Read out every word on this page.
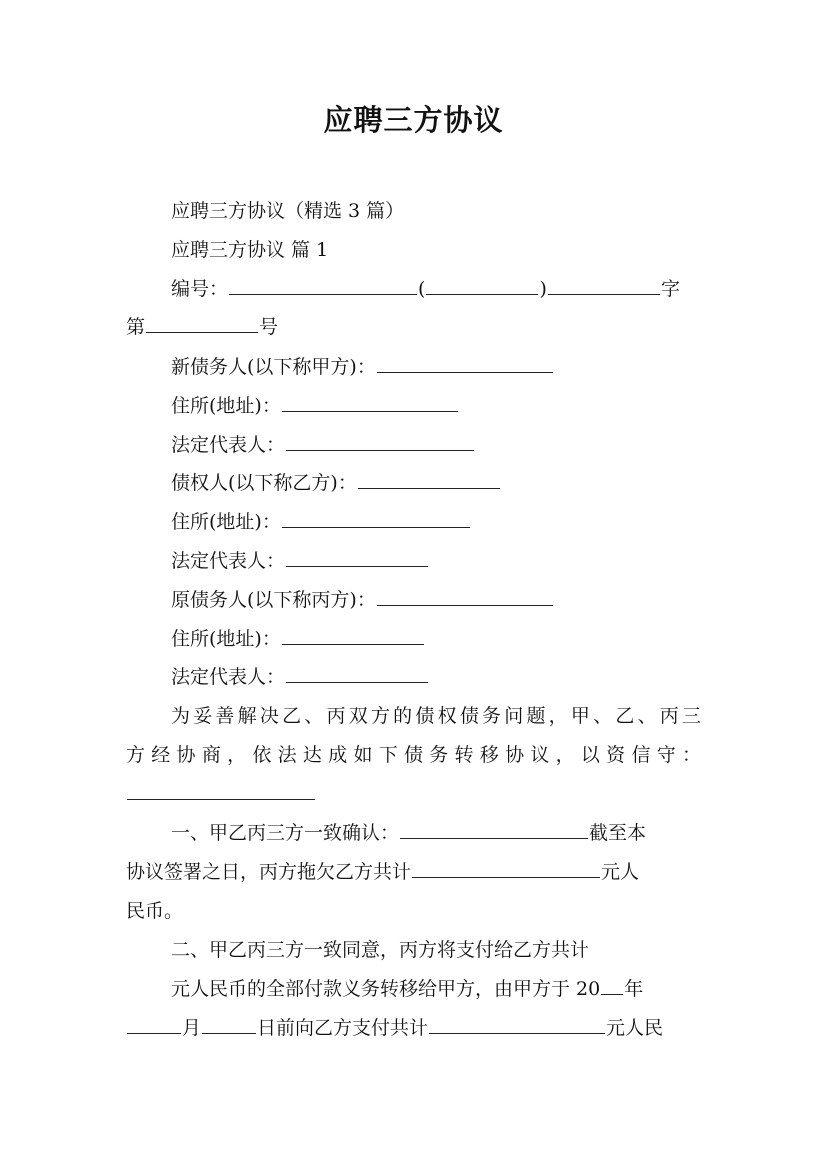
应聘三方协议
应聘三方协议（精选 3 篇）
应聘三方协议 篇 1
编号：	(	)	字
第	号
新债务人(以下称甲方)：
住所(地址)：
法定代表人：
债权人(以下称乙方)：
住所(地址)：
法定代表人：
原债务人(以下称丙方)：
住所(地址)：
法定代表人：
为妥善解决乙、丙双方的债权债务问题，甲、乙、丙三
方经协商，依法达成如下债务转移协议，以资信守：
一、甲乙丙三方一致确认：	截至本
协议签署之日，丙方拖欠乙方共计	元人
民币。
二、甲乙丙三方一致同意，丙方将支付给乙方共计
元人民币的全部付款义务转移给甲方，由甲方于 20 年
月	日前向乙方支付共计	元人民
